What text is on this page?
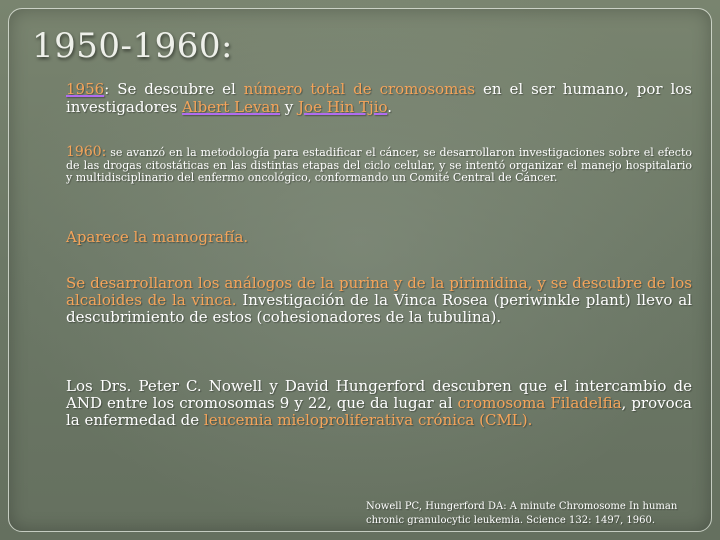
1950-1960:
1956: Se descubre el número total de cromosomas en el ser humano, por los investigadores Albert Levan y Joe Hin Tjio.
1960: se avanzó en la metodología para estadificar el cáncer, se desarrollaron investigaciones sobre el efecto de las drogas citostáticas en las distintas etapas del ciclo celular, y se intentó organizar el manejo hospitalario y multidisciplinario del enfermo oncológico, conformando un Comité Central de Cáncer.
Aparece la mamografía.
Se desarrollaron los análogos de la purina y de la pirimidina, y se descubre de los alcaloides de la vinca. Investigación de la Vinca Rosea (periwinkle plant) llevo al descubrimiento de estos (cohesionadores de la tubulina).
Los Drs. Peter C. Nowell y David Hungerford descubren que el intercambio de AND entre los cromosomas 9 y 22, que da lugar al cromosoma Filadelfia, provoca la enfermedad de leucemia mieloproliferativa crónica (CML).
Nowell PC, Hungerford DA: A minute Chromosome In human chronic granulocytic leukemia. Science 132: 1497, 1960.
